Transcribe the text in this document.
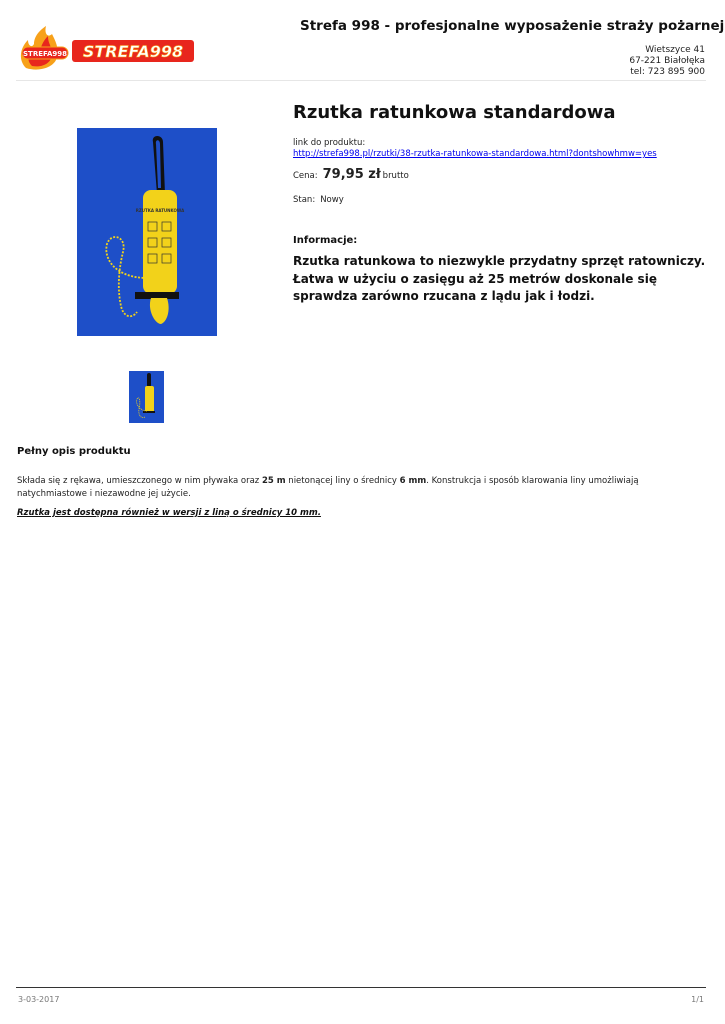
Strefa 998 - profesjonalne wyposażenie straży pożarnej
STREFA998 STREFA998	Wietszyce 41
67-221 Białołęka
tel: 723 895 900
RZUTKA RATUNKOWA
Rzutka ratunkowa standardowa
link do produktu:
http://strefa998.pl/rzutki/38-rzutka-ratunkowa-standardowa.html?dontshowhmw=yes
Cena: 79,95 zł brutto
Stan: Nowy
Informacje:
Rzutka ratunkowa to niezwykle przydatny sprzęt ratowniczy. Łatwa w użyciu o zasięgu aż 25 metrów doskonale się sprawdza zarówno rzucana z lądu jak i łodzi.
Pełny opis produktu
Składa się z rękawa, umieszczonego w nim pływaka oraz 25 m nietonącej liny o średnicy 6 mm. Konstrukcja i sposób klarowania liny umożliwiają natychmiastowe i niezawodne jej użycie.
Rzutka jest dostępna również w wersji z liną o średnicy 10 mm.
3-03-2017	1/1
